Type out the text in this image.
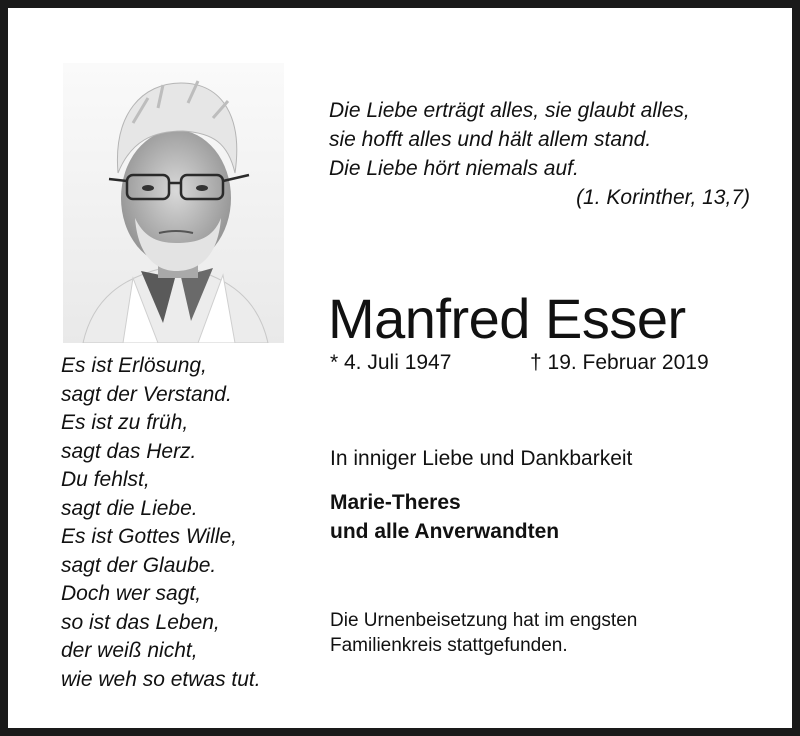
Die Liebe erträgt alles, sie glaubt alles,
sie hofft alles und hält allem stand.
Die Liebe hört niemals auf.
(1. Korinther, 13,7)
Manfred Esser
* 4. Juli 1947	† 19. Februar 2019
Es ist Erlösung,
sagt der Verstand.
Es ist zu früh,
sagt das Herz.
Du fehlst,
sagt die Liebe.
Es ist Gottes Wille,
sagt der Glaube.
Doch wer sagt,
so ist das Leben,
der weiß nicht,
wie weh so etwas tut.
In inniger Liebe und Dankbarkeit
Marie-Theres
und alle Anverwandten
Die Urnenbeisetzung hat im engsten
Familienkreis stattgefunden.
